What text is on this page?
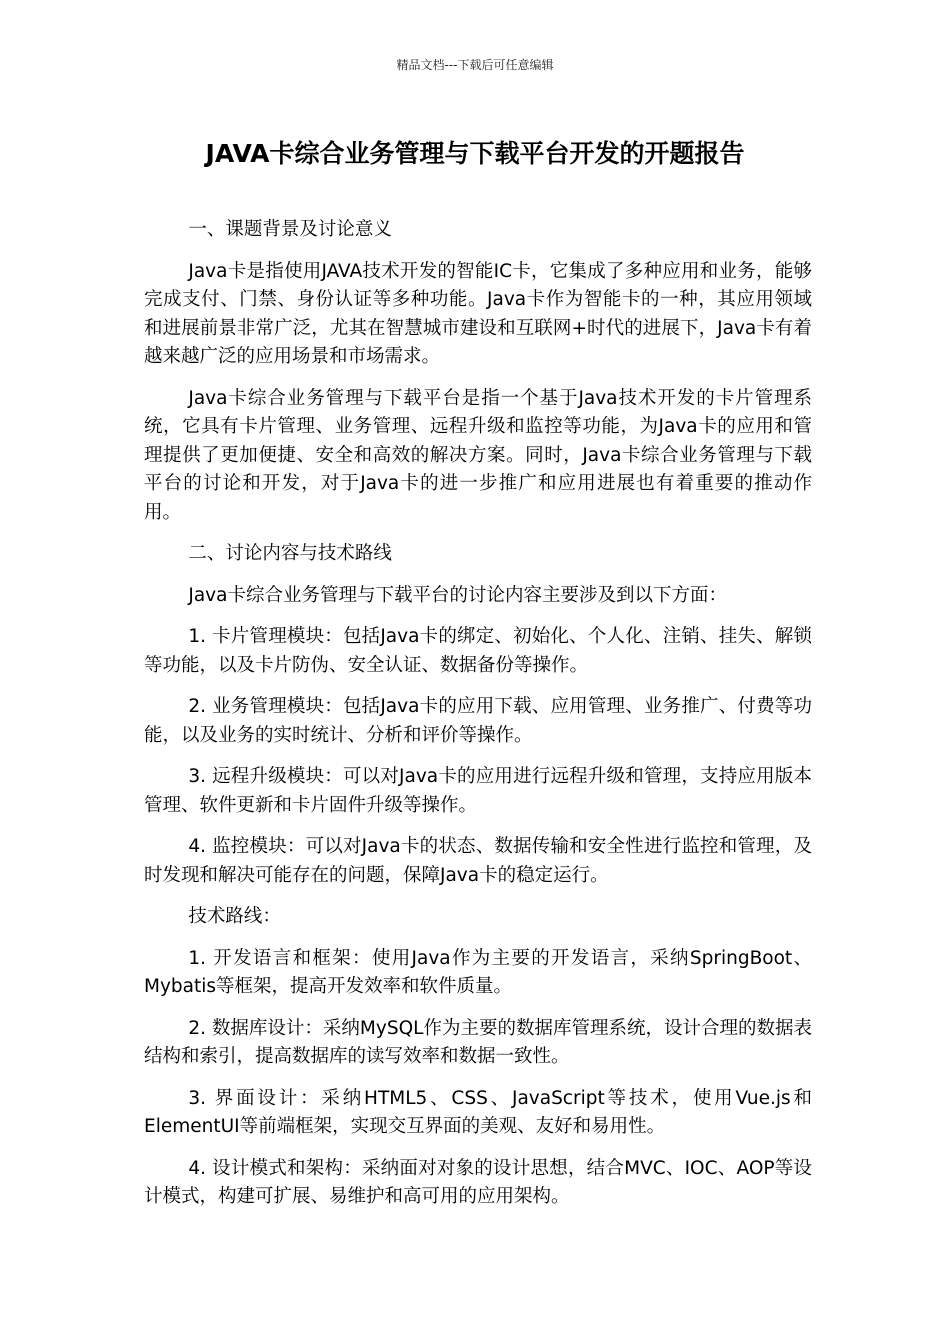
精品文档---下载后可任意编辑
JAVA卡综合业务管理与下载平台开发的开题报告

一、课题背景及讨论意义

Java卡是指使用JAVA技术开发的智能IC卡，它集成了多种应用和业务，能够完成支付、门禁、身份认证等多种功能。Java卡作为智能卡的一种，其应用领域和进展前景非常广泛，尤其在智慧城市建设和互联网+时代的进展下，Java卡有着越来越广泛的应用场景和市场需求。

Java卡综合业务管理与下载平台是指一个基于Java技术开发的卡片管理系统，它具有卡片管理、业务管理、远程升级和监控等功能，为Java卡的应用和管理提供了更加便捷、安全和高效的解决方案。同时，Java卡综合业务管理与下载平台的讨论和开发，对于Java卡的进一步推广和应用进展也有着重要的推动作用。

二、讨论内容与技术路线

Java卡综合业务管理与下载平台的讨论内容主要涉及到以下方面：

1. 卡片管理模块：包括Java卡的绑定、初始化、个人化、注销、挂失、解锁等功能，以及卡片防伪、安全认证、数据备份等操作。

2. 业务管理模块：包括Java卡的应用下载、应用管理、业务推广、付费等功能，以及业务的实时统计、分析和评价等操作。

3. 远程升级模块：可以对Java卡的应用进行远程升级和管理，支持应用版本管理、软件更新和卡片固件升级等操作。

4. 监控模块：可以对Java卡的状态、数据传输和安全性进行监控和管理，及时发现和解决可能存在的问题，保障Java卡的稳定运行。

技术路线：

1. 开发语言和框架：使用Java作为主要的开发语言，采纳SpringBoot、Mybatis等框架，提高开发效率和软件质量。

2. 数据库设计：采纳MySQL作为主要的数据库管理系统，设计合理的数据表结构和索引，提高数据库的读写效率和数据一致性。

3. 界面设计：采纳HTML5、CSS、JavaScript等技术，使用Vue.js和ElementUI等前端框架，实现交互界面的美观、友好和易用性。

4. 设计模式和架构：采纳面对对象的设计思想，结合MVC、IOC、AOP等设计模式，构建可扩展、易维护和高可用的应用架构。
